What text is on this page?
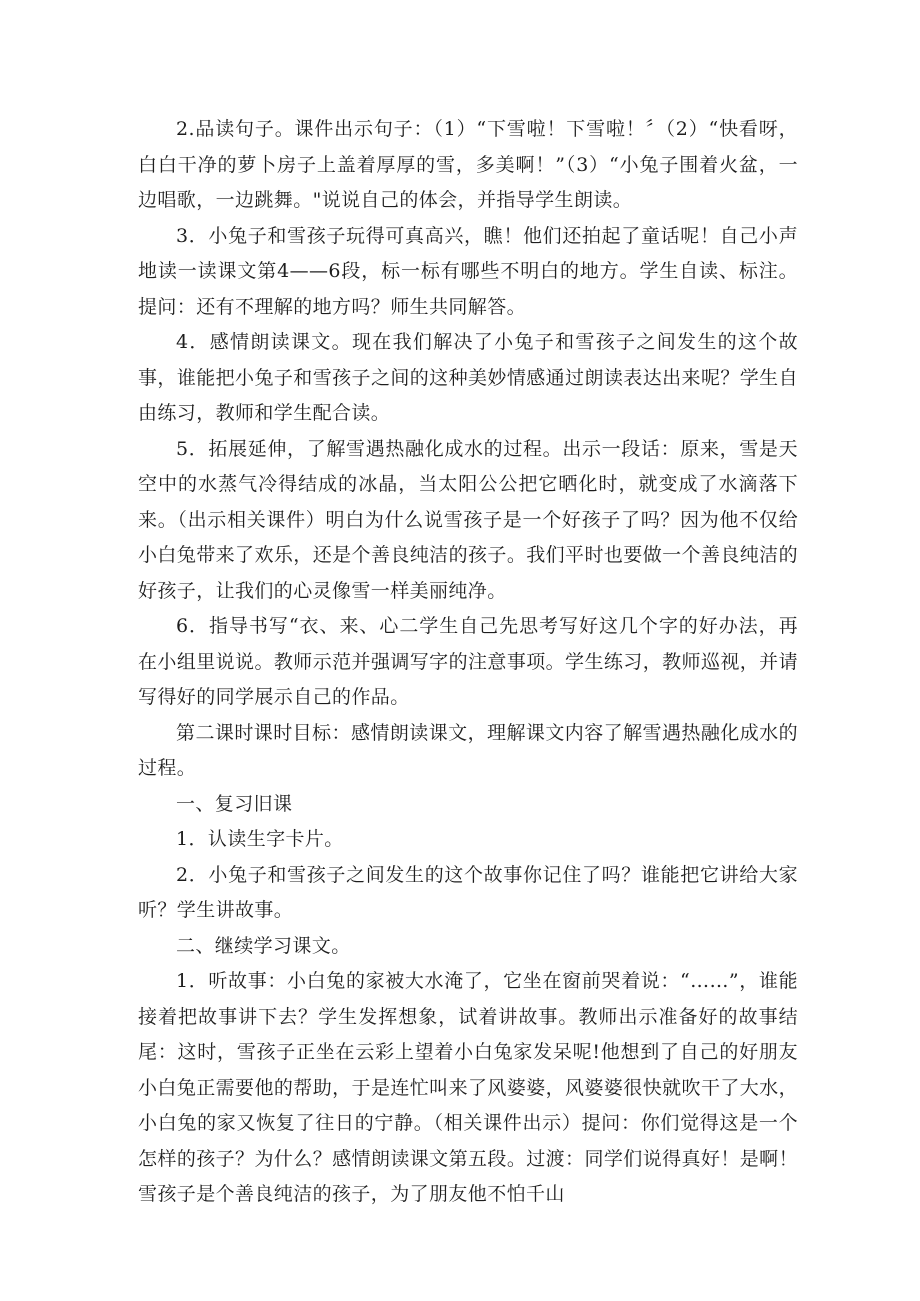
2.品读句子。课件出示句子：（1）“下雪啦！下雪啦！〞（2）“快看呀，白白干净的萝卜房子上盖着厚厚的雪，多美啊！”（3）“小兔子围着火盆，一边唱歌，一边跳舞。"说说自己的体会，并指导学生朗读。

3．小兔子和雪孩子玩得可真高兴，瞧！他们还拍起了童话呢！自己小声地读一读课文第4——6段，标一标有哪些不明白的地方。学生自读、标注。提问：还有不理解的地方吗？师生共同解答。

4．感情朗读课文。现在我们解决了小兔子和雪孩子之间发生的这个故事，谁能把小兔子和雪孩子之间的这种美妙情感通过朗读表达出来呢？学生自由练习，教师和学生配合读。

5．拓展延伸，了解雪遇热融化成水的过程。出示一段话：原来，雪是天空中的水蒸气冷得结成的冰晶，当太阳公公把它晒化时，就变成了水滴落下来。（出示相关课件）明白为什么说雪孩子是一个好孩子了吗？因为他不仅给小白兔带来了欢乐，还是个善良纯洁的孩子。我们平时也要做一个善良纯洁的好孩子，让我们的心灵像雪一样美丽纯净。

6．指导书写“衣、来、心二学生自己先思考写好这几个字的好办法，再在小组里说说。教师示范并强调写字的注意事项。学生练习，教师巡视，并请写得好的同学展示自己的作品。

第二课时课时目标：感情朗读课文，理解课文内容了解雪遇热融化成水的过程。

一、复习旧课

1．认读生字卡片。

2．小兔子和雪孩子之间发生的这个故事你记住了吗？谁能把它讲给大家听？学生讲故事。

二、继续学习课文。

1．听故事：小白兔的家被大水淹了，它坐在窗前哭着说：“……”，谁能接着把故事讲下去？学生发挥想象，试着讲故事。教师出示准备好的故事结尾：这时，雪孩子正坐在云彩上望着小白兔家发呆呢!他想到了自己的好朋友小白兔正需要他的帮助，于是连忙叫来了风婆婆，风婆婆很快就吹干了大水，小白兔的家又恢复了往日的宁静。（相关课件出示）提问：你们觉得这是一个怎样的孩子？为什么？感情朗读课文第五段。过渡：同学们说得真好！是啊！雪孩子是个善良纯洁的孩子，为了朋友他不怕千山
